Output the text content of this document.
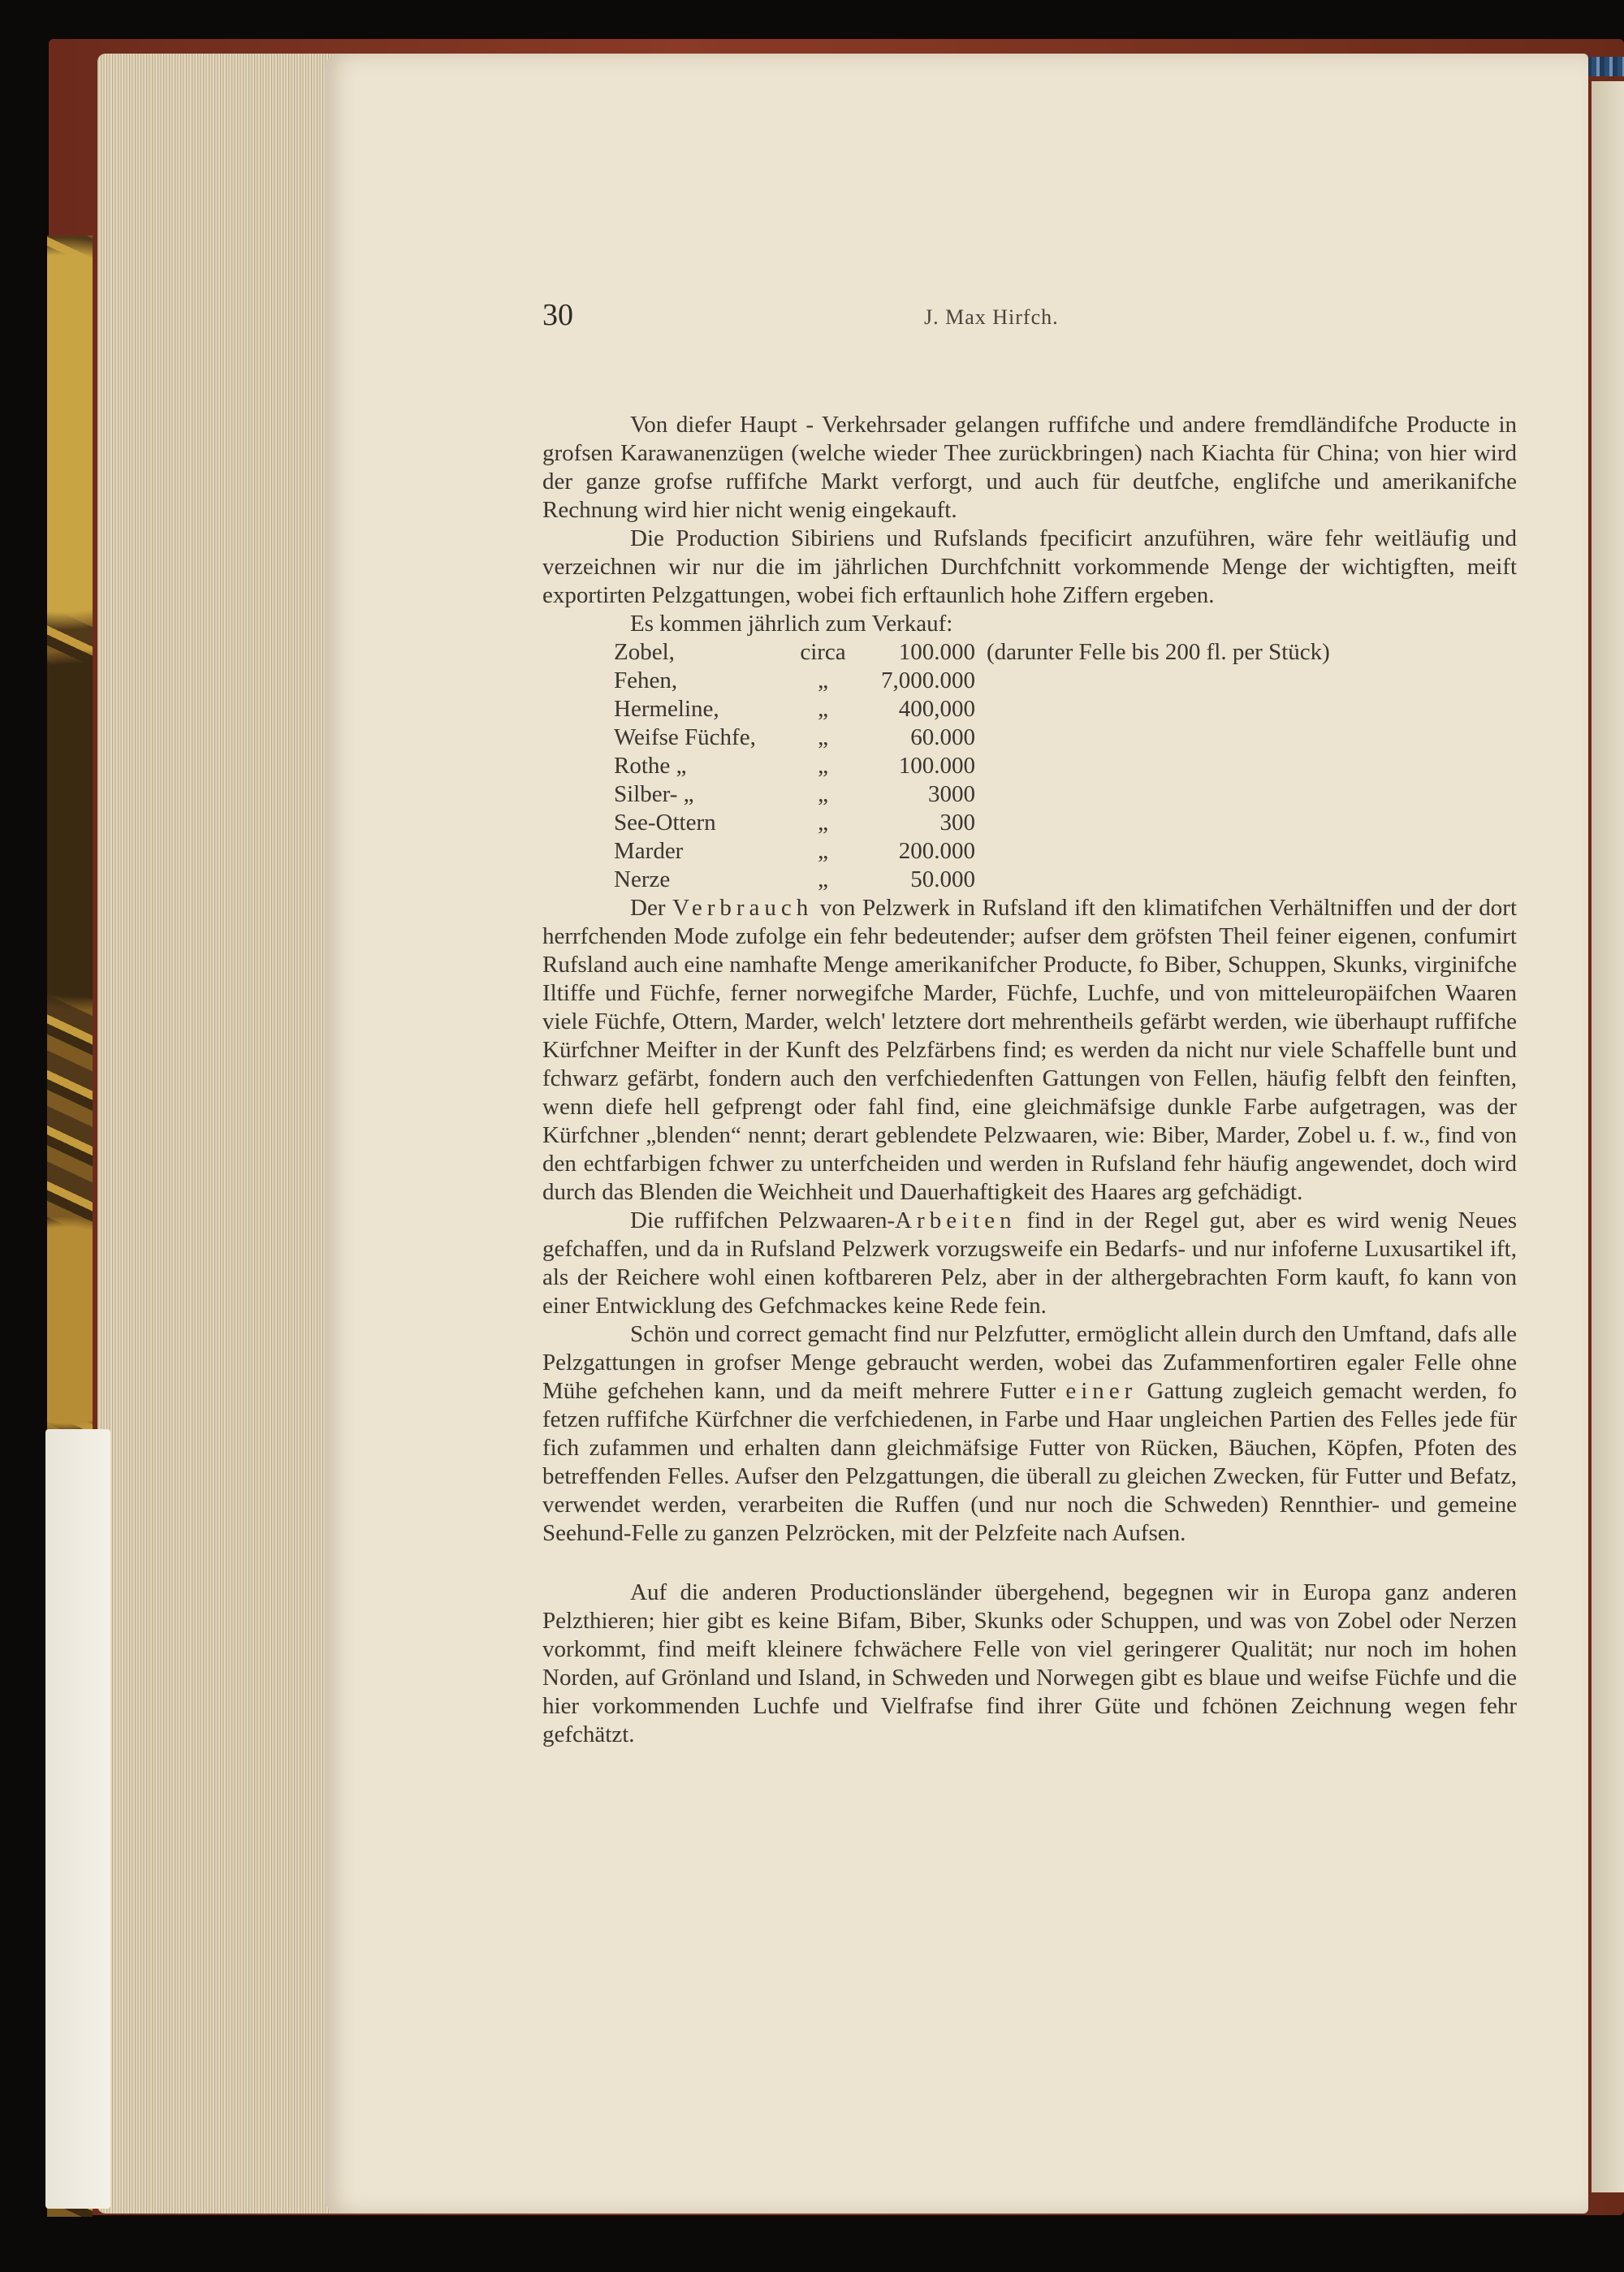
30	J. Max Hirfch.

Von diefer Haupt - Verkehrsader gelangen ruffifche und andere fremdländifche Producte in grofsen Karawanenzügen (welche wieder Thee zurückbringen) nach Kiachta für China; von hier wird der ganze grofse ruffifche Markt verforgt, und auch für deutfche, englifche und amerikanifche Rechnung wird hier nicht wenig eingekauft.

Die Production Sibiriens und Rufslands fpecificirt anzuführen, wäre fehr weitläufig und verzeichnen wir nur die im jährlichen Durchfchnitt vorkommende Menge der wichtigften, meift exportirten Pelzgattungen, wobei fich erftaunlich hohe Ziffern ergeben.

Es kommen jährlich zum Verkauf:

Zobel,	circa	100.000 (darunter Felle bis 200 fl. per Stück)
Fehen,	„	7,000.000
Hermeline,	„	400,000
Weifse Füchfe,	„	60.000
Rothe „	„	100.000
Silber- „	„	3000
See-Ottern	„	300
Marder	„	200.000
Nerze	„	50.000

Der Verbrauch von Pelzwerk in Rufsland ift den klimatifchen Verhältniffen und der dort herrfchenden Mode zufolge ein fehr bedeutender; aufser dem gröfsten Theil feiner eigenen, confumirt Rufsland auch eine namhafte Menge amerikanifcher Producte, fo Biber, Schuppen, Skunks, virginifche Iltiffe und Füchfe, ferner norwegifche Marder, Füchfe, Luchfe, und von mitteleuropäifchen Waaren viele Füchfe, Ottern, Marder, welch' letztere dort mehrentheils gefärbt werden, wie überhaupt ruffifche Kürfchner Meifter in der Kunft des Pelzfärbens find; es werden da nicht nur viele Schaffelle bunt und fchwarz gefärbt, fondern auch den verfchiedenften Gattungen von Fellen, häufig felbft den feinften, wenn diefe hell gefprengt oder fahl find, eine gleichmäfsige dunkle Farbe aufgetragen, was der Kürfchner „blenden“ nennt; derart geblendete Pelzwaaren, wie: Biber, Marder, Zobel u. f. w., find von den echtfarbigen fchwer zu unterfcheiden und werden in Rufsland fehr häufig angewendet, doch wird durch das Blenden die Weichheit und Dauerhaftigkeit des Haares arg gefchädigt.

Die ruffifchen Pelzwaaren-Arbeiten find in der Regel gut, aber es wird wenig Neues gefchaffen, und da in Rufsland Pelzwerk vorzugsweife ein Bedarfs- und nur infoferne Luxusartikel ift, als der Reichere wohl einen koftbareren Pelz, aber in der althergebrachten Form kauft, fo kann von einer Entwicklung des Gefchmackes keine Rede fein.

Schön und correct gemacht find nur Pelzfutter, ermöglicht allein durch den Umftand, dafs alle Pelzgattungen in grofser Menge gebraucht werden, wobei das Zufammenfortiren egaler Felle ohne Mühe gefchehen kann, und da meift mehrere Futter einer Gattung zugleich gemacht werden, fo fetzen ruffifche Kürfchner die verfchiedenen, in Farbe und Haar ungleichen Partien des Felles jede für fich zufammen und erhalten dann gleichmäfsige Futter von Rücken, Bäuchen, Köpfen, Pfoten des betreffenden Felles. Aufser den Pelzgattungen, die überall zu gleichen Zwecken, für Futter und Befatz, verwendet werden, verarbeiten die Ruffen (und nur noch die Schweden) Rennthier- und gemeine Seehund-Felle zu ganzen Pelzröcken, mit der Pelzfeite nach Aufsen.

Auf die anderen Productionsländer übergehend, begegnen wir in Europa ganz anderen Pelzthieren; hier gibt es keine Bifam, Biber, Skunks oder Schuppen, und was von Zobel oder Nerzen vorkommt, find meift kleinere fchwächere Felle von viel geringerer Qualität; nur noch im hohen Norden, auf Grönland und Island, in Schweden und Norwegen gibt es blaue und weifse Füchfe und die hier vorkommenden Luchfe und Vielfrafse find ihrer Güte und fchönen Zeichnung wegen fehr gefchätzt.
